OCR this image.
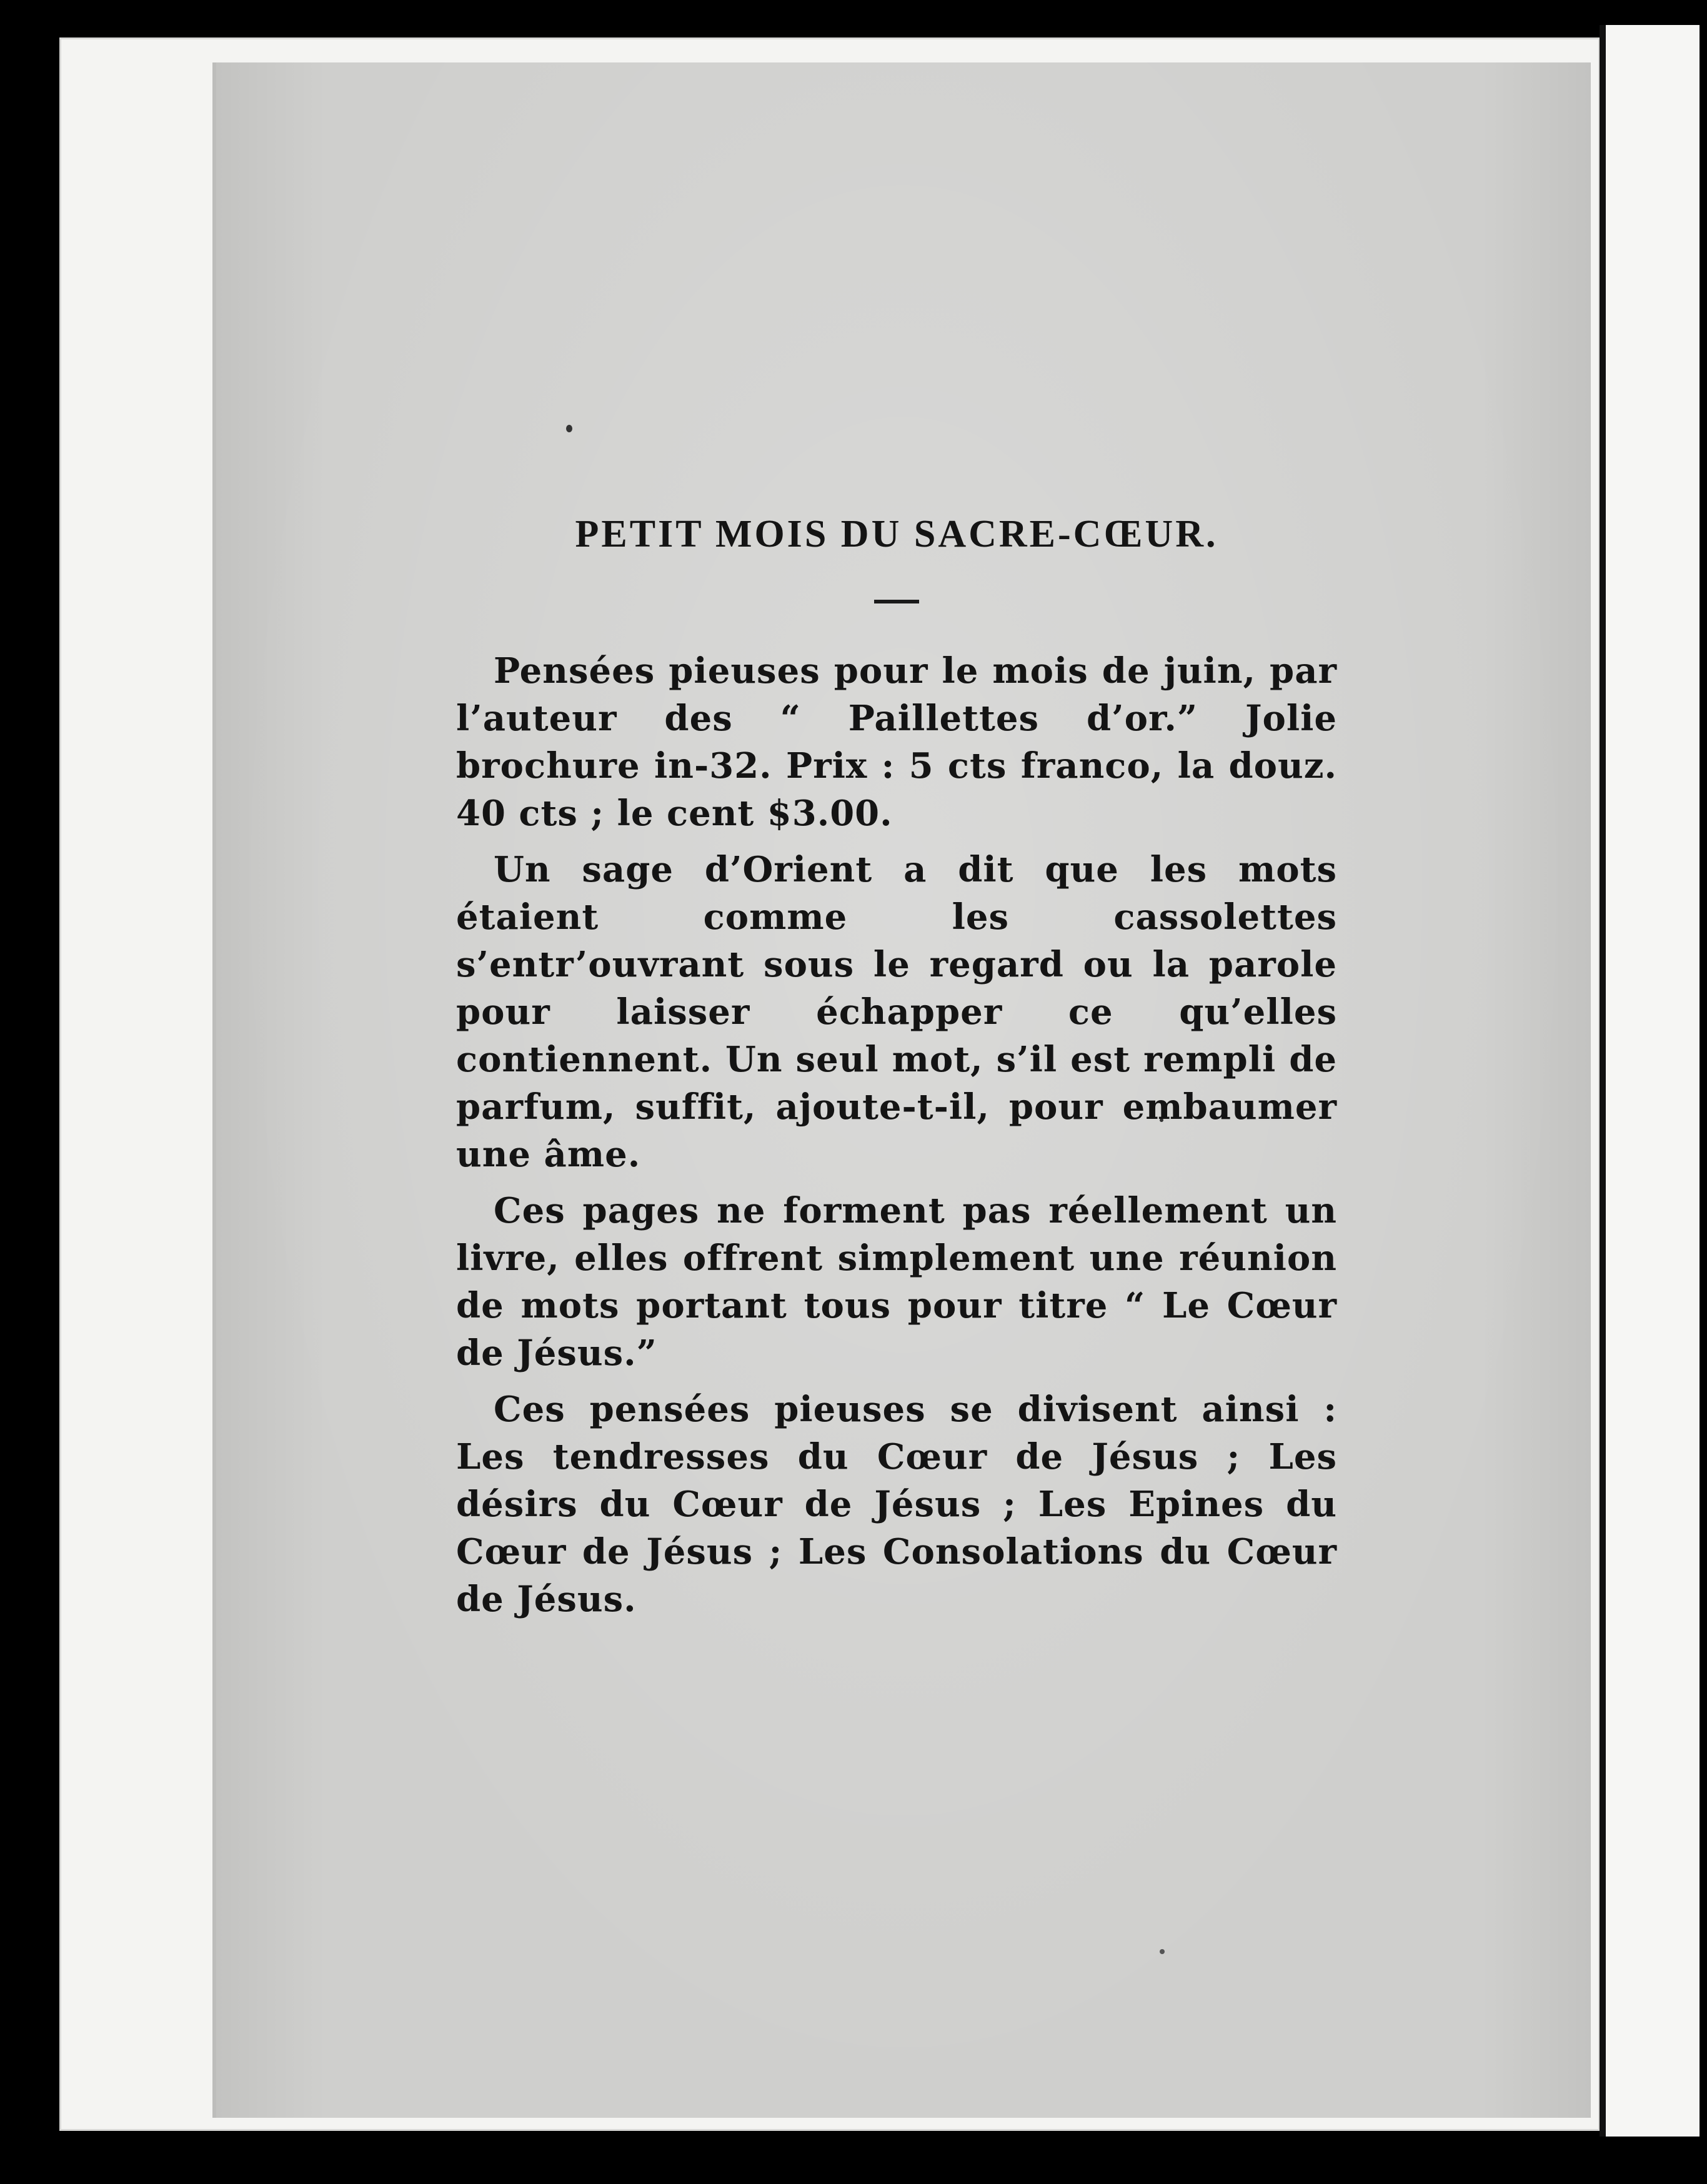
PETIT MOIS DU SACRE-CŒUR.

Pensées pieuses pour le mois de juin, par l’auteur des “ Paillettes d’or.” Jolie brochure in-32. Prix : 5 cts franco, la douz. 40 cts ; le cent $3.00.

Un sage d’Orient a dit que les mots étaient comme les cassolettes s’entr’ouvrant sous le regard ou la parole pour laisser échapper ce qu’elles contiennent. Un seul mot, s’il est rempli de parfum, suffit, ajoute-t-il, pour embaumer une âme.

Ces pages ne forment pas réellement un livre, elles offrent simplement une réunion de mots portant tous pour titre “ Le Cœur de Jésus.”

Ces pensées pieuses se divisent ainsi : Les tendresses du Cœur de Jésus ; Les désirs du Cœur de Jésus ; Les Epines du Cœur de Jésus ; Les Consolations du Cœur de Jésus.
